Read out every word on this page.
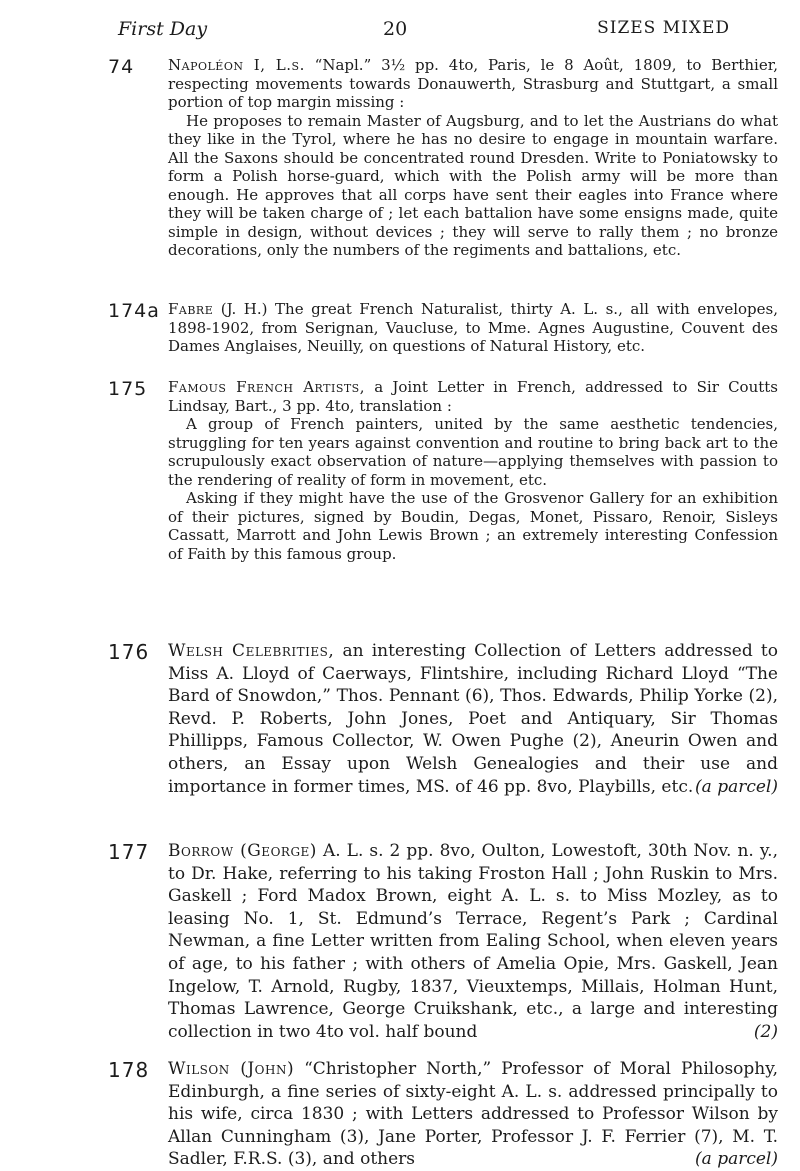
First Day	20	SIZES MIXED
74	Napoléon I, L.s. “Napl.” 3½ pp. 4to, Paris, le 8 Août, 1809, to Berthier, respecting movements towards Donauwerth, Strasburg and Stuttgart, a small portion of top margin missing :

He proposes to remain Master of Augsburg, and to let the Austrians do what they like in the Tyrol, where he has no desire to engage in mountain warfare. All the Saxons should be concentrated round Dresden. Write to Poniatowsky to form a Polish horse-guard, which with the Polish army will be more than enough. He approves that all corps have sent their eagles into France where they will be taken charge of ; let each battalion have some ensigns made, quite simple in design, without devices ; they will serve to rally them ; no bronze decorations, only the numbers of the regiments and battalions, etc.

174a Fabre (J. H.) The great French Naturalist, thirty A. L. s., all with envelopes, 1898-1902, from Serignan, Vaucluse, to Mme. Agnes Augustine, Couvent des Dames Anglaises, Neuilly, on questions of Natural History, etc.

175	Famous French Artists, a Joint Letter in French, addressed to Sir Coutts Lindsay, Bart., 3 pp. 4to, translation :

A group of French painters, united by the same aesthetic tendencies, struggling for ten years against convention and routine to bring back art to the scrupulously exact observation of nature—applying themselves with passion to the rendering of reality of form in movement, etc.

Asking if they might have the use of the Grosvenor Gallery for an exhibition of their pictures, signed by Boudin, Degas, Monet, Pissaro, Renoir, Sisleys Cassatt, Marrott and John Lewis Brown ; an extremely interesting Confession of Faith by this famous group.

176	Welsh Celebrities, an interesting Collection of Letters addressed to Miss A. Lloyd of Caerways, Flintshire, including Richard Lloyd “The Bard of Snowdon,” Thos. Pennant (6), Thos. Edwards, Philip Yorke (2), Revd. P. Roberts, John Jones, Poet and Antiquary, Sir Thomas Phillipps, Famous Collector, W. Owen Pughe (2), Aneurin Owen and others, an Essay upon Welsh Genealogies and their use and importance in former times, MS. of 46 pp. 8vo, Playbills, etc. (a parcel)

177	Borrow (George) A. L. s. 2 pp. 8vo, Oulton, Lowestoft, 30th Nov. n. y., to Dr. Hake, referring to his taking Froston Hall ; John Ruskin to Mrs. Gaskell ; Ford Madox Brown, eight A. L. s. to Miss Mozley, as to leasing No. 1, St. Edmund’s Terrace, Regent’s Park ; Cardinal Newman, a fine Letter written from Ealing School, when eleven years of age, to his father ; with others of Amelia Opie, Mrs. Gaskell, Jean Ingelow, T. Arnold, Rugby, 1837, Vieuxtemps, Millais, Holman Hunt, Thomas Lawrence, George Cruikshank, etc., a large and interesting collection in two 4to vol. half bound	(2)

178	Wilson (John) “Christopher North,” Professor of Moral Philosophy, Edinburgh, a fine series of sixty-eight A. L. s. addressed principally to his wife, circa 1830 ; with Letters addressed to Professor Wilson by Allan Cunningham (3), Jane Porter, Professor J. F. Ferrier (7), M. T. Sadler, F.R.S. (3), and others	(a parcel)
